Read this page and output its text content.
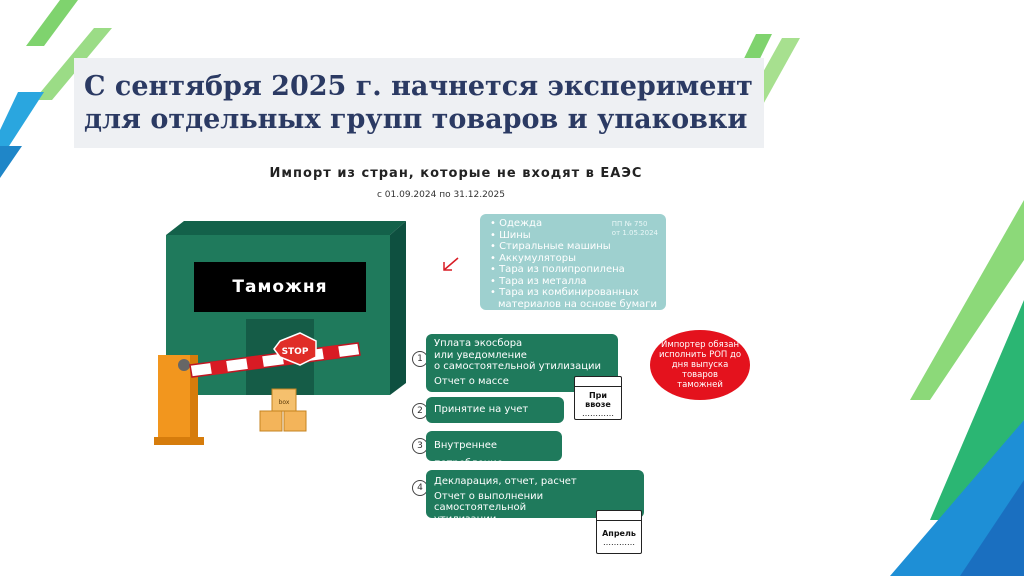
С сентября 2025 г. начнется эксперимент
для отдельных групп товаров и упаковки
Импорт из стран, которые не входят в ЕАЭС
с 01.09.2024 по 31.12.2025
STOP
box
Таможня
• Одежда
• Шины
• Стиральные машины
• Аккумуляторы
• Тара из полипропилена
• Тара из металла
• Тара из комбинированных
материалов на основе бумаги
ПП № 750
от 1.05.2024
1
Уплата экосбора
или уведомление
о самостоятельной утилизации
Отчет о массе
При
ввозе
…………
2	Принятие на учет
3	Внутреннее потребление
4
Декларация, отчет, расчет
Отчет о выполнении самостоятельной
утилизации
Апрель
…………
Импортер обязан исполнить РОП до дня выпуска товаров таможней
